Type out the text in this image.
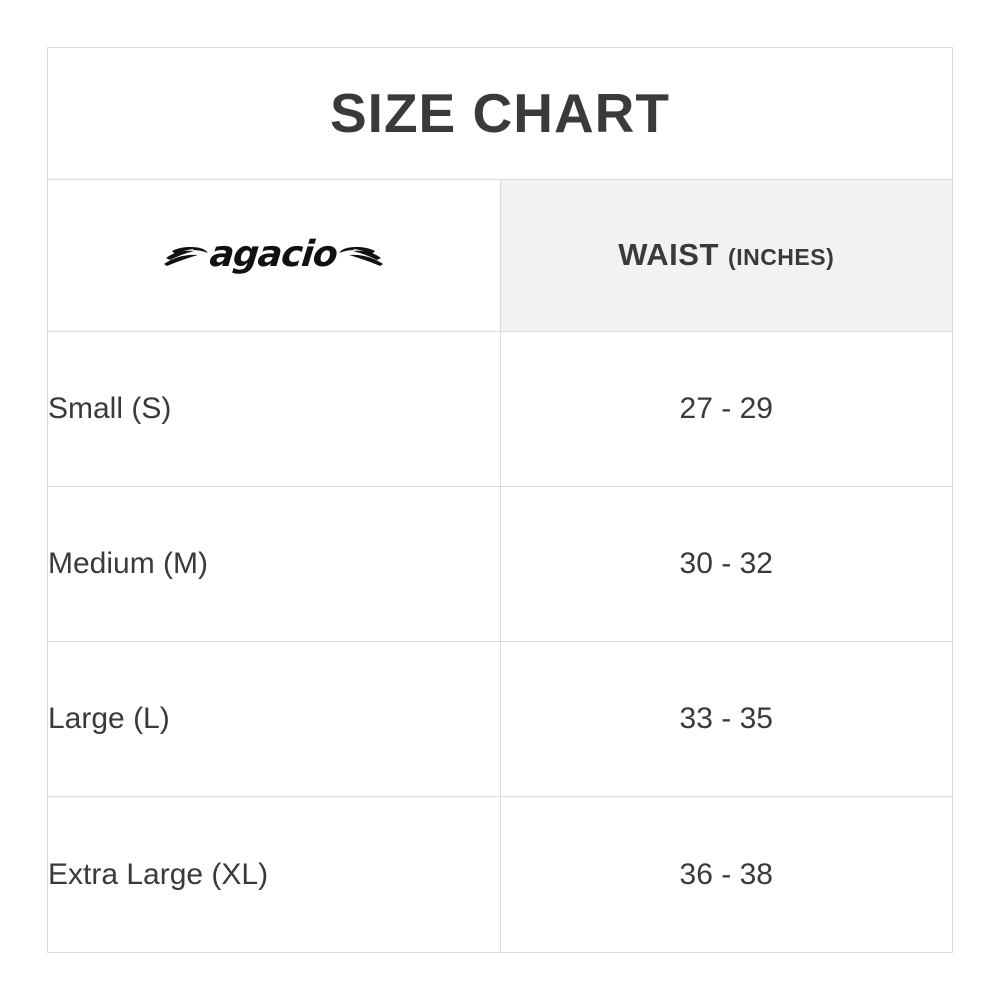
SIZE CHART	

agacio	WAIST (INCHES)
Small (S)	27 - 29
Medium (M)	30 - 32
Large (L)	33 - 35
Extra Large (XL)	36 - 38
